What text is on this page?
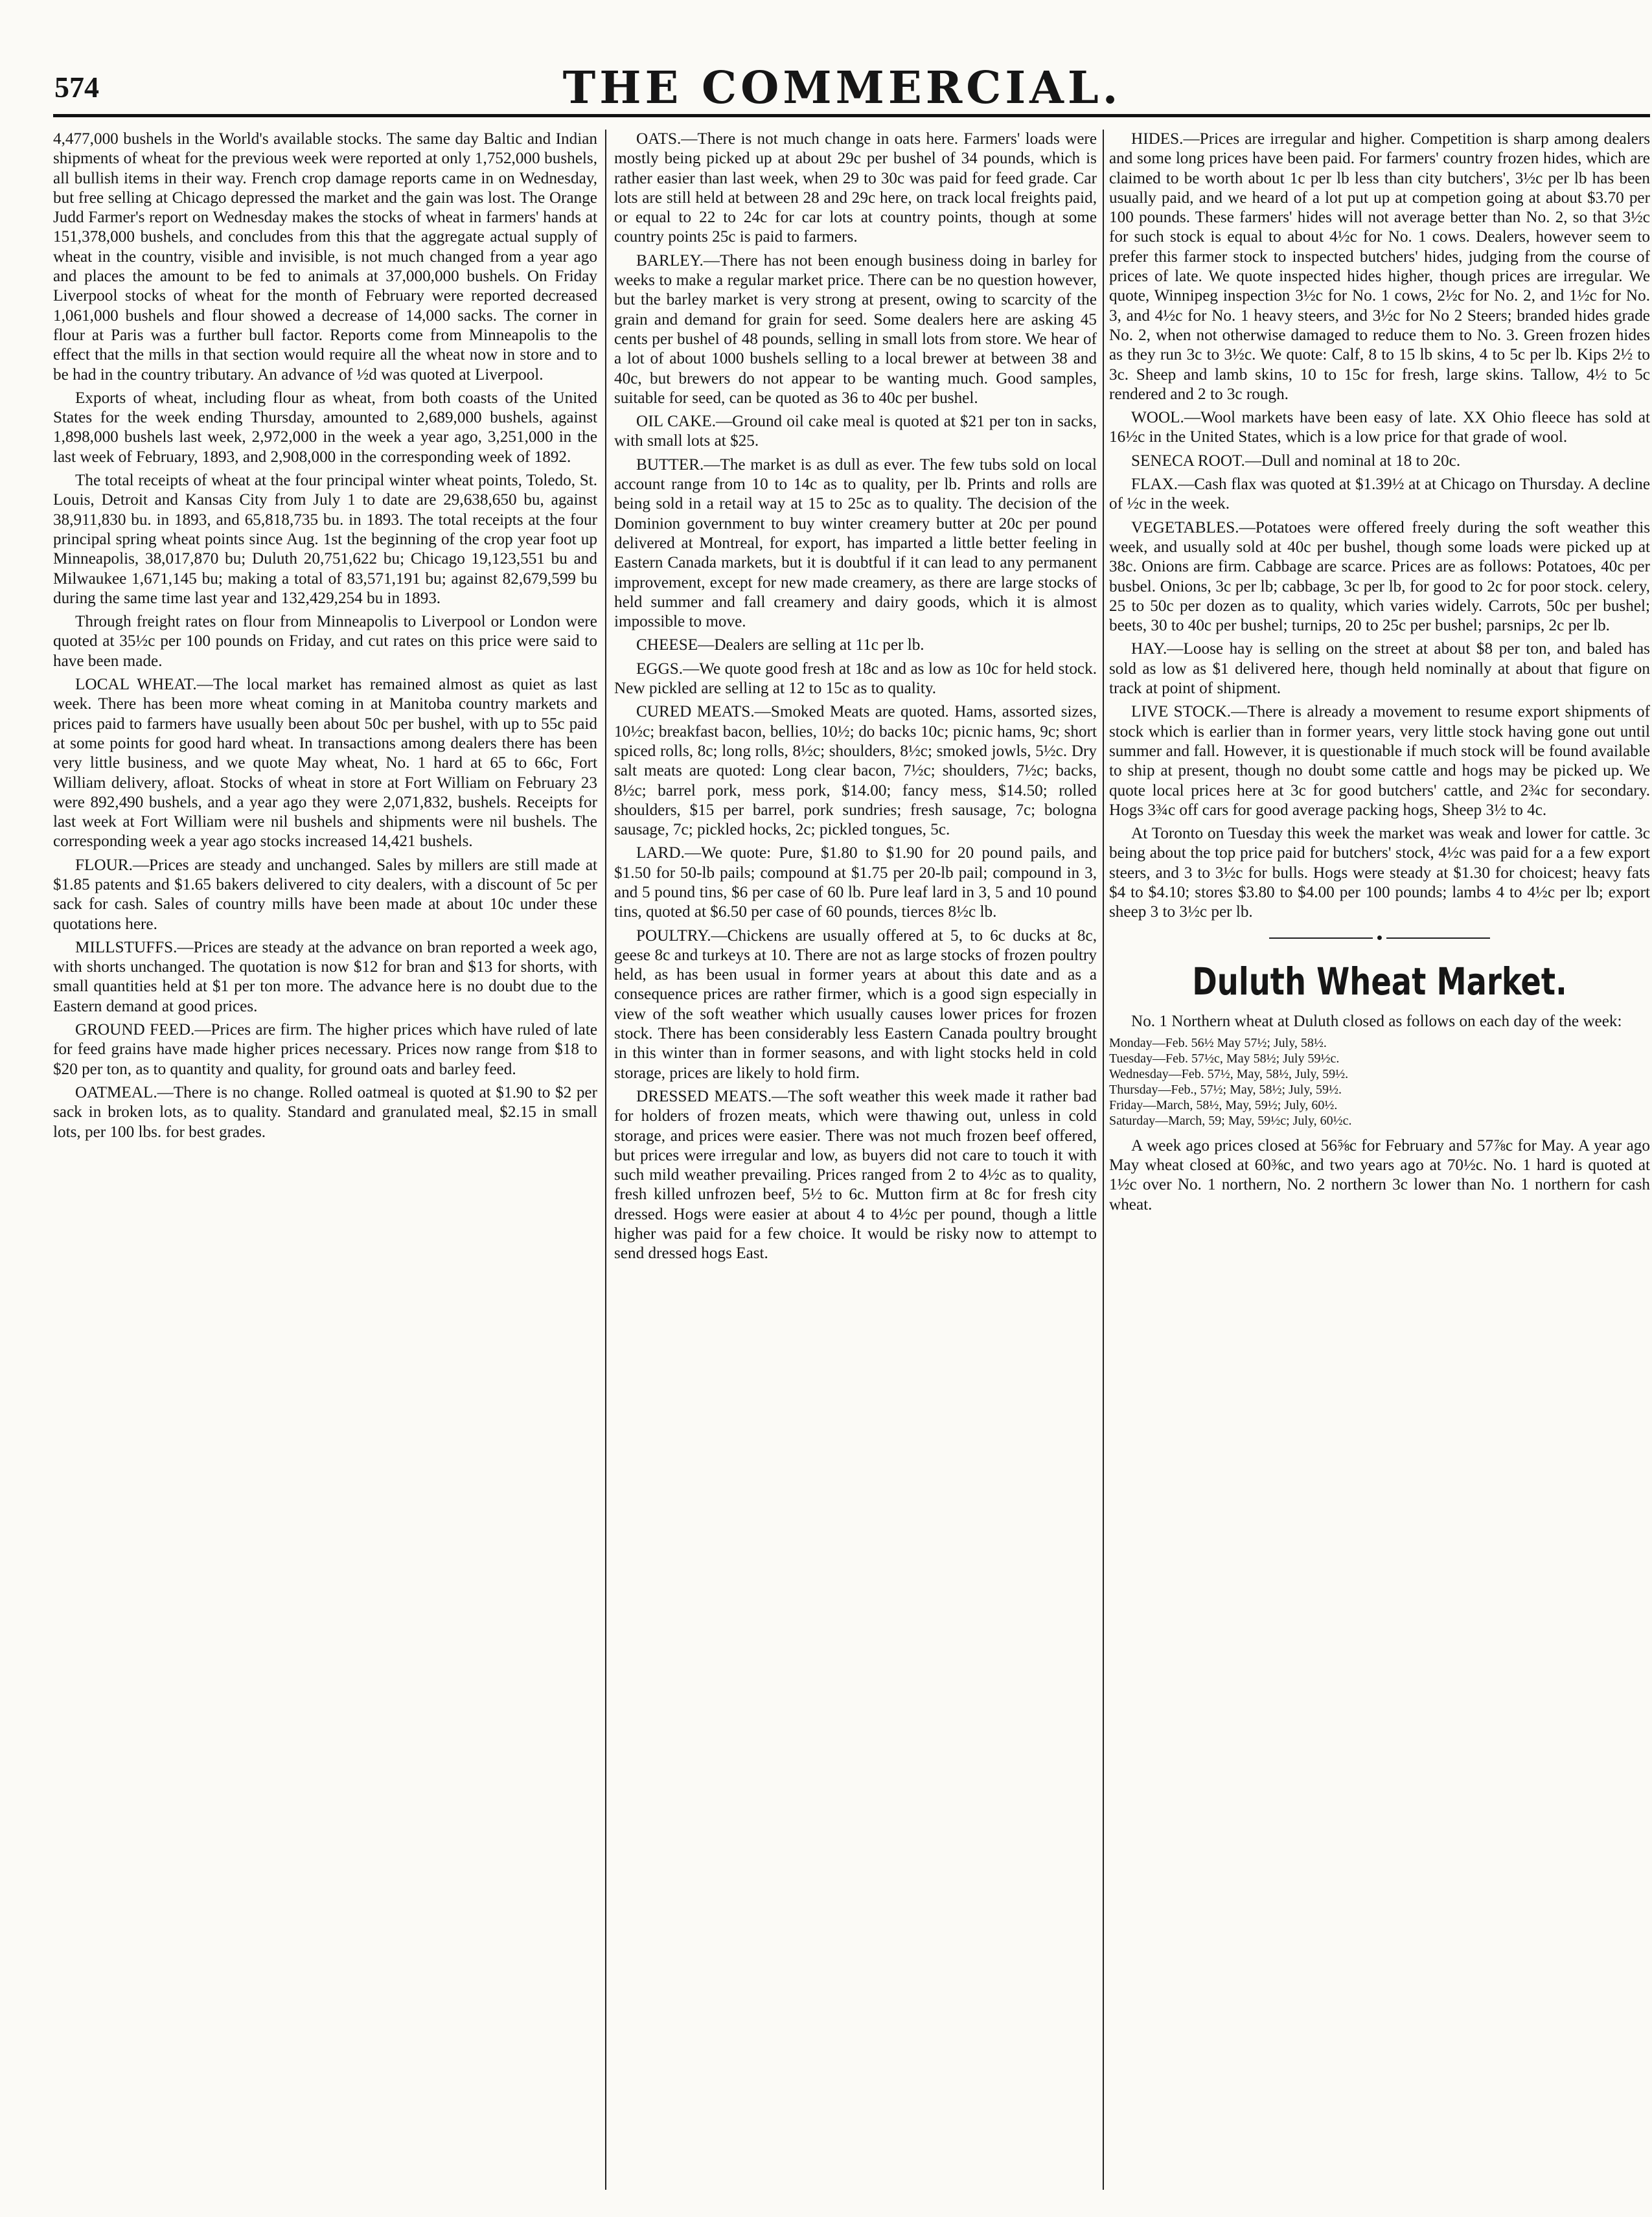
574	THE COMMERCIAL.

4,477,000 bushels in the World's available stocks. The same day Baltic and Indian shipments of wheat for the previous week were reported at only 1,752,000 bushels, all bullish items in their way. French crop damage reports came in on Wednesday, but free selling at Chicago depressed the market and the gain was lost. The Orange Judd Farmer's report on Wednesday makes the stocks of wheat in farmers' hands at 151,378,000 bushels, and concludes from this that the aggregate actual supply of wheat in the country, visible and invisible, is not much changed from a year ago and places the amount to be fed to animals at 37,000,000 bushels. On Friday Liverpool stocks of wheat for the month of February were reported decreased 1,061,000 bushels and flour showed a decrease of 14,000 sacks. The corner in flour at Paris was a further bull factor. Reports come from Minneapolis to the effect that the mills in that section would require all the wheat now in store and to be had in the country tributary. An advance of ½d was quoted at Liverpool.

Exports of wheat, including flour as wheat, from both coasts of the United States for the week ending Thursday, amounted to 2,689,000 bushels, against 1,898,000 bushels last week, 2,972,000 in the week a year ago, 3,251,000 in the last week of February, 1893, and 2,908,000 in the corresponding week of 1892.

The total receipts of wheat at the four principal winter wheat points, Toledo, St. Louis, Detroit and Kansas City from July 1 to date are 29,638,650 bu, against 38,911,830 bu. in 1893, and 65,818,735 bu. in 1893. The total receipts at the four principal spring wheat points since Aug. 1st the beginning of the crop year foot up Minneapolis, 38,017,870 bu; Duluth 20,751,622 bu; Chicago 19,123,551 bu and Milwaukee 1,671,145 bu; making a total of 83,571,191 bu; against 82,679,599 bu during the same time last year and 132,429,254 bu in 1893.

Through freight rates on flour from Minneapolis to Liverpool or London were quoted at 35½c per 100 pounds on Friday, and cut rates on this price were said to have been made.

LOCAL WHEAT.—The local market has remained almost as quiet as last week. There has been more wheat coming in at Manitoba country markets and prices paid to farmers have usually been about 50c per bushel, with up to 55c paid at some points for good hard wheat. In transactions among dealers there has been very little business, and we quote May wheat, No. 1 hard at 65 to 66c, Fort William delivery, afloat. Stocks of wheat in store at Fort William on February 23 were 892,490 bushels, and a year ago they were 2,071,832, bushels. Receipts for last week at Fort William were nil bushels and shipments were nil bushels. The corresponding week a year ago stocks increased 14,421 bushels.

FLOUR.—Prices are steady and unchanged. Sales by millers are still made at $1.85 patents and $1.65 bakers delivered to city dealers, with a discount of 5c per sack for cash. Sales of country mills have been made at about 10c under these quotations here.

MILLSTUFFS.—Prices are steady at the advance on bran reported a week ago, with shorts unchanged. The quotation is now $12 for bran and $13 for shorts, with small quantities held at $1 per ton more. The advance here is no doubt due to the Eastern demand at good prices.

GROUND FEED.—Prices are firm. The higher prices which have ruled of late for feed grains have made higher prices necessary. Prices now range from $18 to $20 per ton, as to quantity and quality, for ground oats and barley feed.

OATMEAL.—There is no change. Rolled oatmeal is quoted at $1.90 to $2 per sack in broken lots, as to quality. Standard and granulated meal, $2.15 in small lots, per 100 lbs. for best grades.

OATS.—There is not much change in oats here. Farmers' loads were mostly being picked up at about 29c per bushel of 34 pounds, which is rather easier than last week, when 29 to 30c was paid for feed grade. Car lots are still held at between 28 and 29c here, on track local freights paid, or equal to 22 to 24c for car lots at country points, though at some country points 25c is paid to farmers.

BARLEY.—There has not been enough business doing in barley for weeks to make a regular market price. There can be no question however, but the barley market is very strong at present, owing to scarcity of the grain and demand for grain for seed. Some dealers here are asking 45 cents per bushel of 48 pounds, selling in small lots from store. We hear of a lot of about 1000 bushels selling to a local brewer at between 38 and 40c, but brewers do not appear to be wanting much. Good samples, suitable for seed, can be quoted as 36 to 40c per bushel.

OIL CAKE.—Ground oil cake meal is quoted at $21 per ton in sacks, with small lots at $25.

BUTTER.—The market is as dull as ever. The few tubs sold on local account range from 10 to 14c as to quality, per lb. Prints and rolls are being sold in a retail way at 15 to 25c as to quality. The decision of the Dominion government to buy winter creamery butter at 20c per pound delivered at Montreal, for export, has imparted a little better feeling in Eastern Canada markets, but it is doubtful if it can lead to any permanent improvement, except for new made creamery, as there are large stocks of held summer and fall creamery and dairy goods, which it is almost impossible to move.

CHEESE—Dealers are selling at 11c per lb.

EGGS.—We quote good fresh at 18c and as low as 10c for held stock. New pickled are selling at 12 to 15c as to quality.

CURED MEATS.—Smoked Meats are quoted. Hams, assorted sizes, 10½c; breakfast bacon, bellies, 10½; do backs 10c; picnic hams, 9c; short spiced rolls, 8c; long rolls, 8½c; shoulders, 8½c; smoked jowls, 5½c. Dry salt meats are quoted: Long clear bacon, 7½c; shoulders, 7½c; backs, 8½c; barrel pork, mess pork, $14.00; fancy mess, $14.50; rolled shoulders, $15 per barrel, pork sundries; fresh sausage, 7c; bologna sausage, 7c; pickled hocks, 2c; pickled tongues, 5c.

LARD.—We quote: Pure, $1.80 to $1.90 for 20 pound pails, and $1.50 for 50-lb pails; compound at $1.75 per 20-lb pail; compound in 3, and 5 pound tins, $6 per case of 60 lb. Pure leaf lard in 3, 5 and 10 pound tins, quoted at $6.50 per case of 60 pounds, tierces 8½c lb.

POULTRY.—Chickens are usually offered at 5, to 6c ducks at 8c, geese 8c and turkeys at 10. There are not as large stocks of frozen poultry held, as has been usual in former years at about this date and as a consequence prices are rather firmer, which is a good sign especially in view of the soft weather which usually causes lower prices for frozen stock. There has been considerably less Eastern Canada poultry brought in this winter than in former seasons, and with light stocks held in cold storage, prices are likely to hold firm.

DRESSED MEATS.—The soft weather this week made it rather bad for holders of frozen meats, which were thawing out, unless in cold storage, and prices were easier. There was not much frozen beef offered, but prices were irregular and low, as buyers did not care to touch it with such mild weather prevailing. Prices ranged from 2 to 4½c as to quality, fresh killed unfrozen beef, 5½ to 6c. Mutton firm at 8c for fresh city dressed. Hogs were easier at about 4 to 4½c per pound, though a little higher was paid for a few choice. It would be risky now to attempt to send dressed hogs East.

HIDES.—Prices are irregular and higher. Competition is sharp among dealers and some long prices have been paid. For farmers' country frozen hides, which are claimed to be worth about 1c per lb less than city butchers', 3½c per lb has been usually paid, and we heard of a lot put up at competion going at about $3.70 per 100 pounds. These farmers' hides will not average better than No. 2, so that 3½c for such stock is equal to about 4½c for No. 1 cows. Dealers, however seem to prefer this farmer stock to inspected butchers' hides, judging from the course of prices of late. We quote inspected hides higher, though prices are irregular. We quote, Winnipeg inspection 3½c for No. 1 cows, 2½c for No. 2, and 1½c for No. 3, and 4½c for No. 1 heavy steers, and 3½c for No 2 Steers; branded hides grade No. 2, when not otherwise damaged to reduce them to No. 3. Green frozen hides as they run 3c to 3½c. We quote: Calf, 8 to 15 lb skins, 4 to 5c per lb. Kips 2½ to 3c. Sheep and lamb skins, 10 to 15c for fresh, large skins. Tallow, 4½ to 5c rendered and 2 to 3c rough.

WOOL.—Wool markets have been easy of late. XX Ohio fleece has sold at 16½c in the United States, which is a low price for that grade of wool.

SENECA ROOT.—Dull and nominal at 18 to 20c.

FLAX.—Cash flax was quoted at $1.39½ at at Chicago on Thursday. A decline of ½c in the week.

VEGETABLES.—Potatoes were offered freely during the soft weather this week, and usually sold at 40c per bushel, though some loads were picked up at 38c. Onions are firm. Cabbage are scarce. Prices are as follows: Potatoes, 40c per busbel. Onions, 3c per lb; cabbage, 3c per lb, for good to 2c for poor stock. celery, 25 to 50c per dozen as to quality, which varies widely. Carrots, 50c per bushel; beets, 30 to 40c per bushel; turnips, 20 to 25c per bushel; parsnips, 2c per lb.

HAY.—Loose hay is selling on the street at about $8 per ton, and baled has sold as low as $1 delivered here, though held nominally at about that figure on track at point of shipment.

LIVE STOCK.—There is already a movement to resume export shipments of stock which is earlier than in former years, very little stock having gone out until summer and fall. However, it is questionable if much stock will be found available to ship at present, though no doubt some cattle and hogs may be picked up. We quote local prices here at 3c for good butchers' cattle, and 2¾c for secondary. Hogs 3¾c off cars for good average packing hogs, Sheep 3½ to 4c.

At Toronto on Tuesday this week the market was weak and lower for cattle. 3c being about the top price paid for butchers' stock, 4½c was paid for a a few export steers, and 3 to 3½c for bulls. Hogs were steady at $1.30 for choicest; heavy fats $4 to $4.10; stores $3.80 to $4.00 per 100 pounds; lambs 4 to 4½c per lb; export sheep 3 to 3½c per lb.

●
Duluth Wheat Market.

No. 1 Northern wheat at Duluth closed as follows on each day of the week:

Monday—Feb. 56½ May 57½; July, 58½.
Tuesday—Feb. 57½c, May 58½; July 59½c.
Wednesday—Feb. 57½, May, 58½, July, 59½.
Thursday—Feb., 57½; May, 58½; July, 59½.
Friday—March, 58½, May, 59½; July, 60½.
Saturday—March, 59; May, 59½c; July, 60½c.

A week ago prices closed at 56⅝c for February and 57⅞c for May. A year ago May wheat closed at 60⅜c, and two years ago at 70½c. No. 1 hard is quoted at 1½c over No. 1 northern, No. 2 northern 3c lower than No. 1 northern for cash wheat.
